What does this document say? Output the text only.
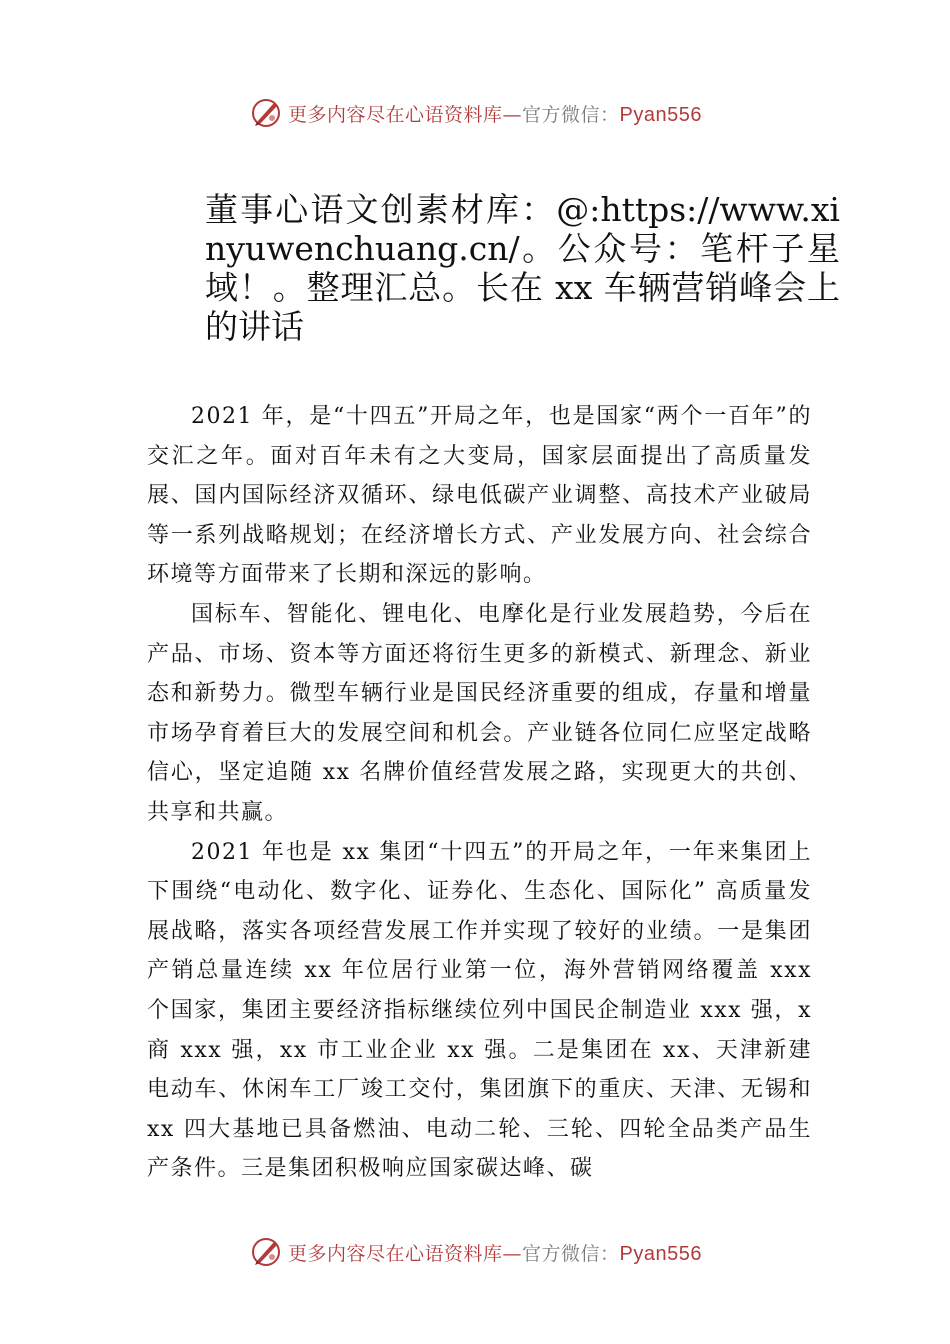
更多内容尽在心语资料库—官方微信：Pyan556
董事心语文创素材库：@:https://www.xinyuwenchuang.cn/。公众号：笔杆子星域！。整理汇总。长在 xx 车辆营销峰会上的讲话

2021 年，是“十四五”开局之年，也是国家“两个一百年”的交汇之年。面对百年未有之大变局，国家层面提出了高质量发展、国内国际经济双循环、绿电低碳产业调整、高技术产业破局等一系列战略规划；在经济增长方式、产业发展方向、社会综合环境等方面带来了长期和深远的影响。

国标车、智能化、锂电化、电摩化是行业发展趋势，今后在产品、市场、资本等方面还将衍生更多的新模式、新理念、新业态和新势力。微型车辆行业是国民经济重要的组成，存量和增量市场孕育着巨大的发展空间和机会。产业链各位同仁应坚定战略信心，坚定追随 xx 名牌价值经营发展之路，实现更大的共创、共享和共赢。

2021 年也是 xx 集团“十四五”的开局之年，一年来集团上下围绕“电动化、数字化、证券化、生态化、国际化” 高质量发展战略，落实各项经营发展工作并实现了较好的业绩。一是集团产销总量连续 xx 年位居行业第一位，海外营销网络覆盖 xxx 个国家，集团主要经济指标继续位列中国民企制造业 xxx 强，x 商 xxx 强，xx 市工业企业 xx 强。二是集团在 xx、天津新建电动车、休闲车工厂竣工交付，集团旗下的重庆、天津、无锡和 xx 四大基地已具备燃油、电动二轮、三轮、四轮全品类产品生产条件。三是集团积极响应国家碳达峰、碳

更多内容尽在心语资料库—官方微信：Pyan556
